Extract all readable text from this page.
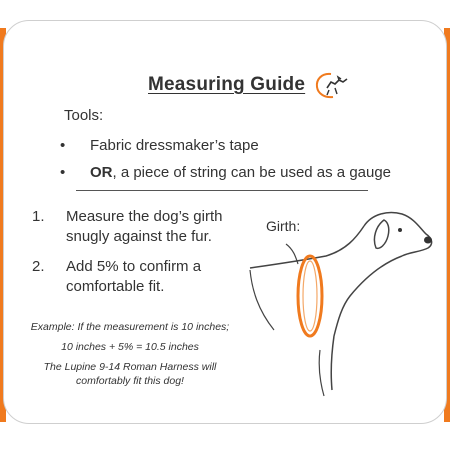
Measuring Guide
Tools:
•	Fabric dressmaker’s tape
•	OR, a piece of string can be used as a gauge
1. Measure the dog’s girth snugly against the fur.
2. Add 5% to confirm a comfortable fit.
Example: If the measurement is 10 inches;
10 inches + 5% = 10.5 inches
The Lupine 9-14 Roman Harness will comfortably fit this dog!
Girth:
